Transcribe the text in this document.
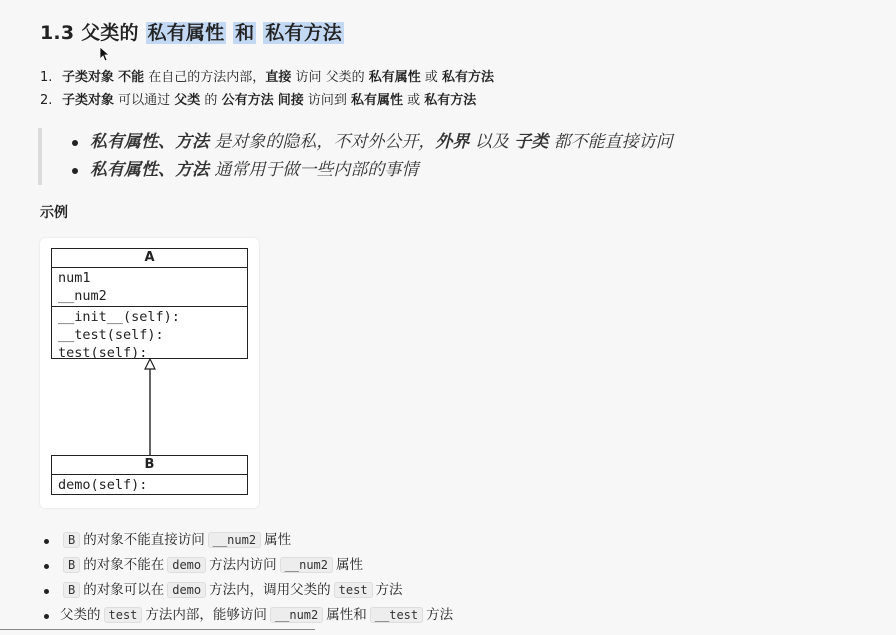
1.3 父类的 私有属性 和 私有方法
1. 子类对象 不能 在自己的方法内部，直接 访问 父类的 私有属性 或 私有方法
2. 子类对象 可以通过 父类 的 公有方法 间接 访问到 私有属性 或 私有方法
私有属性、方法 是对象的隐私，不对外公开，外界 以及 子类 都不能直接访问
私有属性、方法 通常用于做一些内部的事情
示例
A
num1
__num2
__init__(self):
__test(self):
test(self):
B
demo(self):
B 的对象不能直接访问 __num2 属性
B 的对象不能在 demo 方法内访问 __num2 属性
B 的对象可以在 demo 方法内，调用父类的 test 方法
父类的 test 方法内部，能够访问 __num2 属性和 __test 方法
